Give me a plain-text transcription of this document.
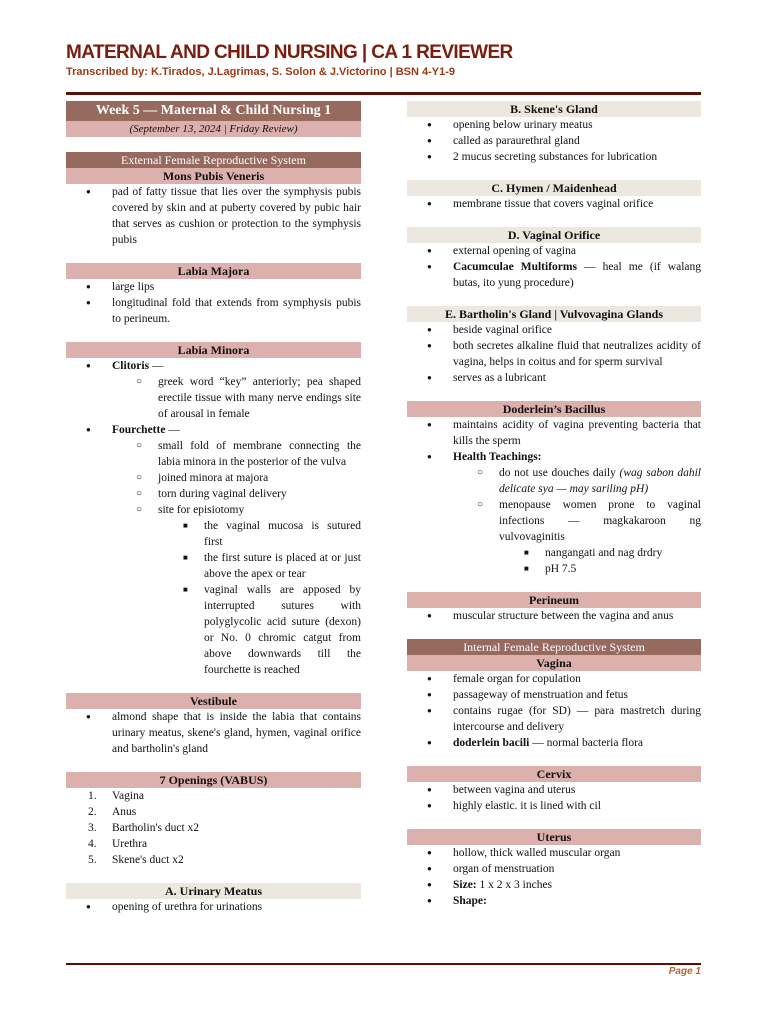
MATERNAL AND CHILD NURSING | CA 1 REVIEWER
Transcribed by: K.Tirados, J.Lagrimas, S. Solon & J.Victorino | BSN 4-Y1-9
Week 5 — Maternal & Child Nursing 1
(September 13, 2024 | Friday Review)
External Female Reproductive System
Mons Pubis Veneris
● pad of fatty tissue that lies over the symphysis pubis covered by skin and at puberty covered by pubic hair that serves as cushion or protection to the symphysis pubis
Labia Majora
● large lips
● longitudinal fold that extends from symphysis pubis to perineum.
Labia Minora
● Clitoris —
○ greek word “key” anteriorly; pea shaped erectile tissue with many nerve endings site of arousal in female
● Fourchette —
○ small fold of membrane connecting the labia minora in the posterior of the vulva
○ joined minora at majora
○ torn during vaginal delivery
○ site for episiotomy
■ the vaginal mucosa is sutured first
■ the first suture is placed at or just above the apex or tear
■ vaginal walls are apposed by interrupted sutures with polyglycolic acid suture (dexon) or No. 0 chromic catgut from above downwards till the fourchette is reached
Vestibule
● almond shape that is inside the labia that contains urinary meatus, skene's gland, hymen, vaginal orifice and bartholin's gland
7 Openings (VABUS)
1. Vagina
2. Anus
3. Bartholin's duct x2
4. Urethra
5. Skene's duct x2
A. Urinary Meatus
● opening of urethra for urinations
B. Skene's Gland
● opening below urinary meatus
● called as paraurethral gland
● 2 mucus secreting substances for lubrication
C. Hymen / Maidenhead
● membrane tissue that covers vaginal orifice
D. Vaginal Orifice
● external opening of vagina
● Cacumculae Multiforms — heal me (if walang butas, ito yung procedure)
E. Bartholin's Gland | Vulvovagina Glands
● beside vaginal orifice
● both secretes alkaline fluid that neutralizes acidity of vagina, helps in coitus and for sperm survival
● serves as a lubricant
Doderlein’s Bacillus
● maintains acidity of vagina preventing bacteria that kills the sperm
● Health Teachings:
○ do not use douches daily (wag sabon dahil delicate sya — may sariling pH)
○ menopause women prone to vaginal infections — magkakaroon ng vulvovaginitis
■ nangangati and nag drdry
■ pH 7.5
Perineum
● muscular structure between the vagina and anus
Internal Female Reproductive System
Vagina
● female organ for copulation
● passageway of menstruation and fetus
● contains rugae (for SD) — para mastretch during intercourse and delivery
● doderlein bacili — normal bacteria flora
Cervix
● between vagina and uterus
● highly elastic. it is lined with cil
Uterus
● hollow, thick walled muscular organ
● organ of menstruation
● Size: 1 x 2 x 3 inches
● Shape:
Page 1
